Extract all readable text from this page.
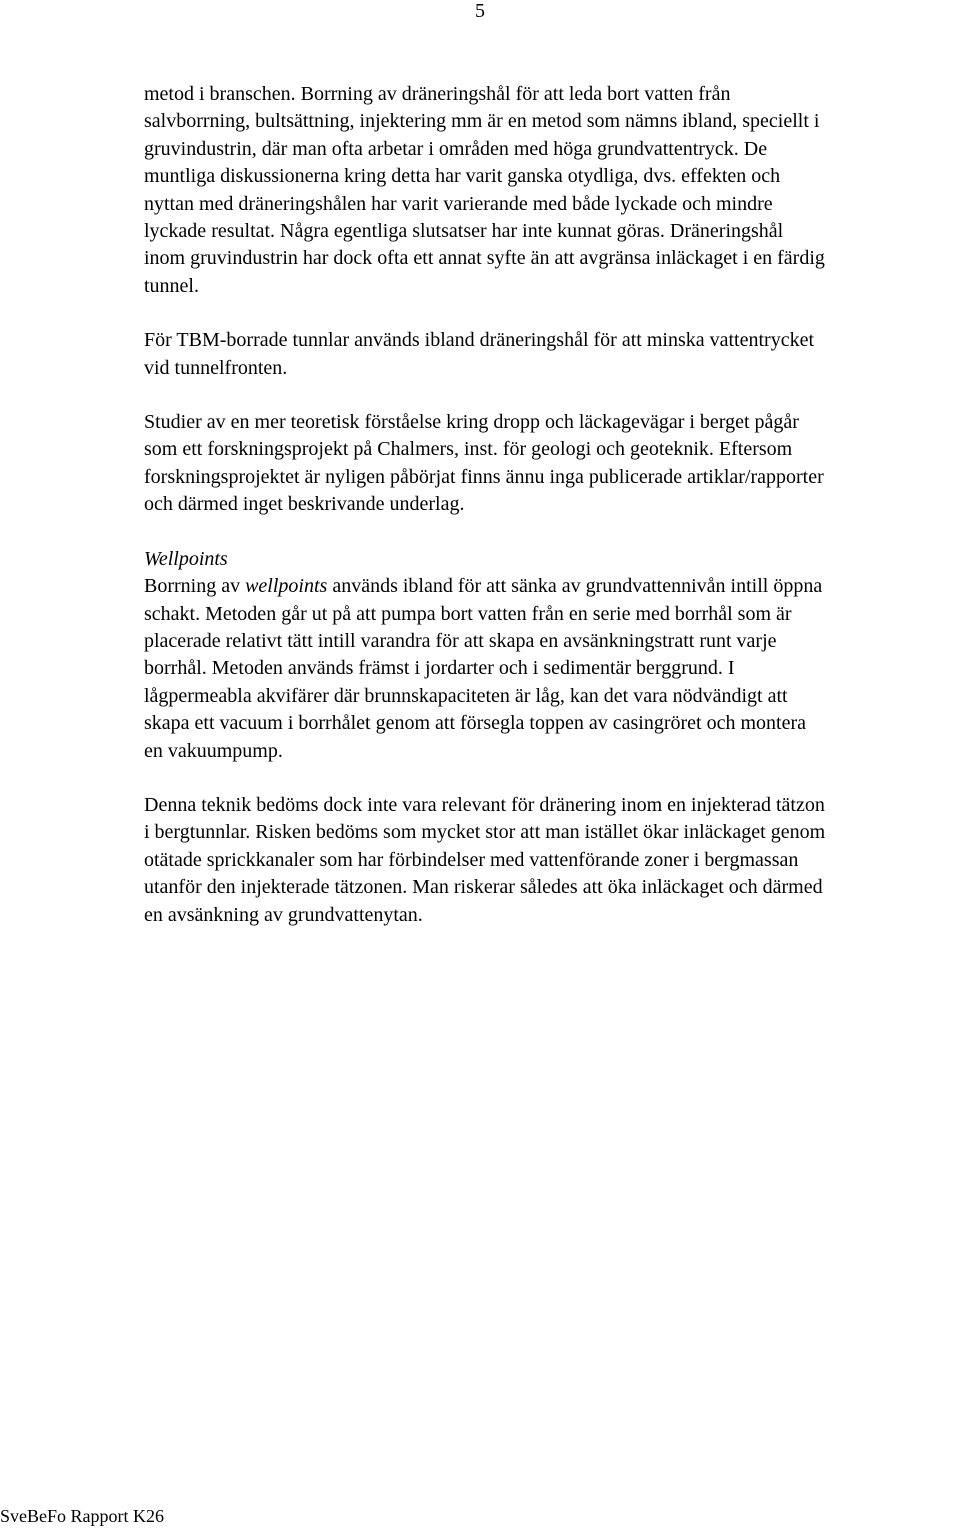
5

metod i branschen. Borrning av dräneringshål för att leda bort vatten från
salvborrning, bultsättning, injektering mm är en metod som nämns ibland, speciellt i
gruvindustrin, där man ofta arbetar i områden med höga grundvattentryck. De
muntliga diskussionerna kring detta har varit ganska otydliga, dvs. effekten och
nyttan med dräneringshålen har varit varierande med både lyckade och mindre
lyckade resultat. Några egentliga slutsatser har inte kunnat göras. Dräneringshål
inom gruvindustrin har dock ofta ett annat syfte än att avgränsa inläckaget i en färdig
tunnel.

För TBM-borrade tunnlar används ibland dräneringshål för att minska vattentrycket
vid tunnelfronten.

Studier av en mer teoretisk förståelse kring dropp och läckagevägar i berget pågår
som ett forskningsprojekt på Chalmers, inst. för geologi och geoteknik. Eftersom
forskningsprojektet är nyligen påbörjat finns ännu inga publicerade artiklar/rapporter
och därmed inget beskrivande underlag.

Wellpoints
Borrning av wellpoints används ibland för att sänka av grundvattennivån intill öppna
schakt. Metoden går ut på att pumpa bort vatten från en serie med borrhål som är
placerade relativt tätt intill varandra för att skapa en avsänkningstratt runt varje
borrhål. Metoden används främst i jordarter och i sedimentär berggrund. I
lågpermeabla akvifärer där brunnskapaciteten är låg, kan det vara nödvändigt att
skapa ett vacuum i borrhålet genom att försegla toppen av casingröret och montera
en vakuumpump.

Denna teknik bedöms dock inte vara relevant för dränering inom en injekterad tätzon
i bergtunnlar. Risken bedöms som mycket stor att man istället ökar inläckaget genom
otätade sprickkanaler som har förbindelser med vattenförande zoner i bergmassan
utanför den injekterade tätzonen. Man riskerar således att öka inläckaget och därmed
en avsänkning av grundvattenytan.

SveBeFo Rapport K26
